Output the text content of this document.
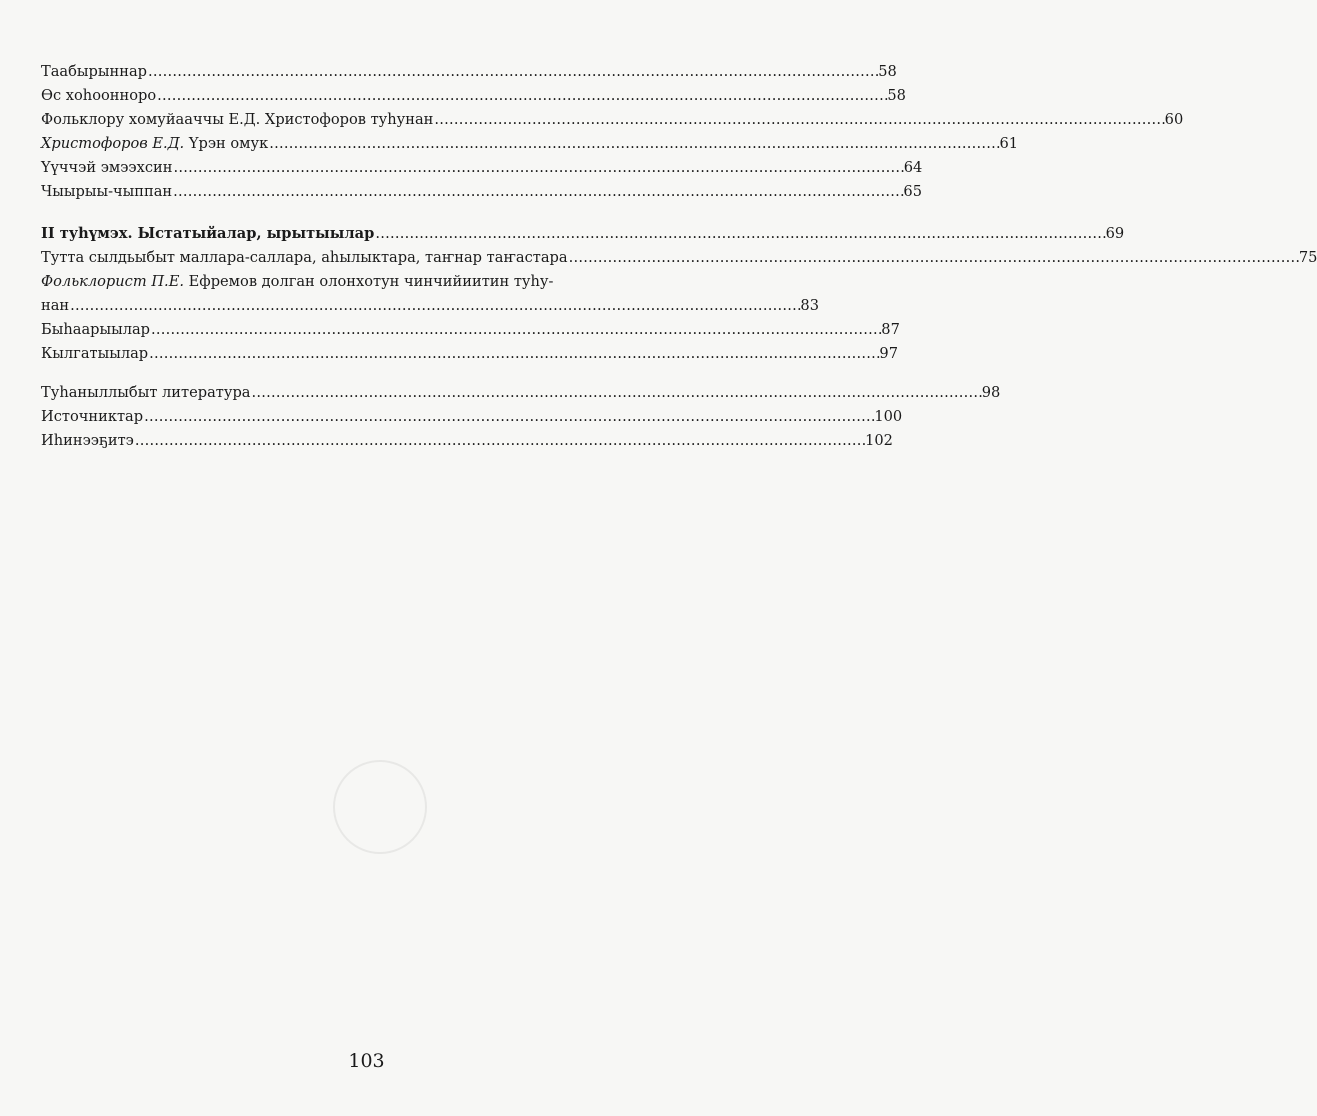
Таабырыннар . . .	58
Өс хоһооннорo . . .	58
Фольклору хомуйааччы Е.Д. Христофоров туһунан . . .	60
Христофоров Е.Д. Үрэн омук . . .	61
Үүччэй эмээхсин . . .	64
Чыырыы-чыппан . . .	65
II туһүмэх. Ыстатыйалар, ырытыылар . . .	69
Тутта сылдьыбыт маллара-саллара, аһылыктара, таҥнар таҥастара . . .	75
Фольклорист П.Е. Ефремов долган олонхотун чинчийиитин туһу-
нан . . .	83
Быһаарыылар . . .	87
Кылгатыылар . . .	97
Туһаныллыбыт литература . . .	98
Источниктар . . .	100
Иһинээҕитэ . . .	102
103
